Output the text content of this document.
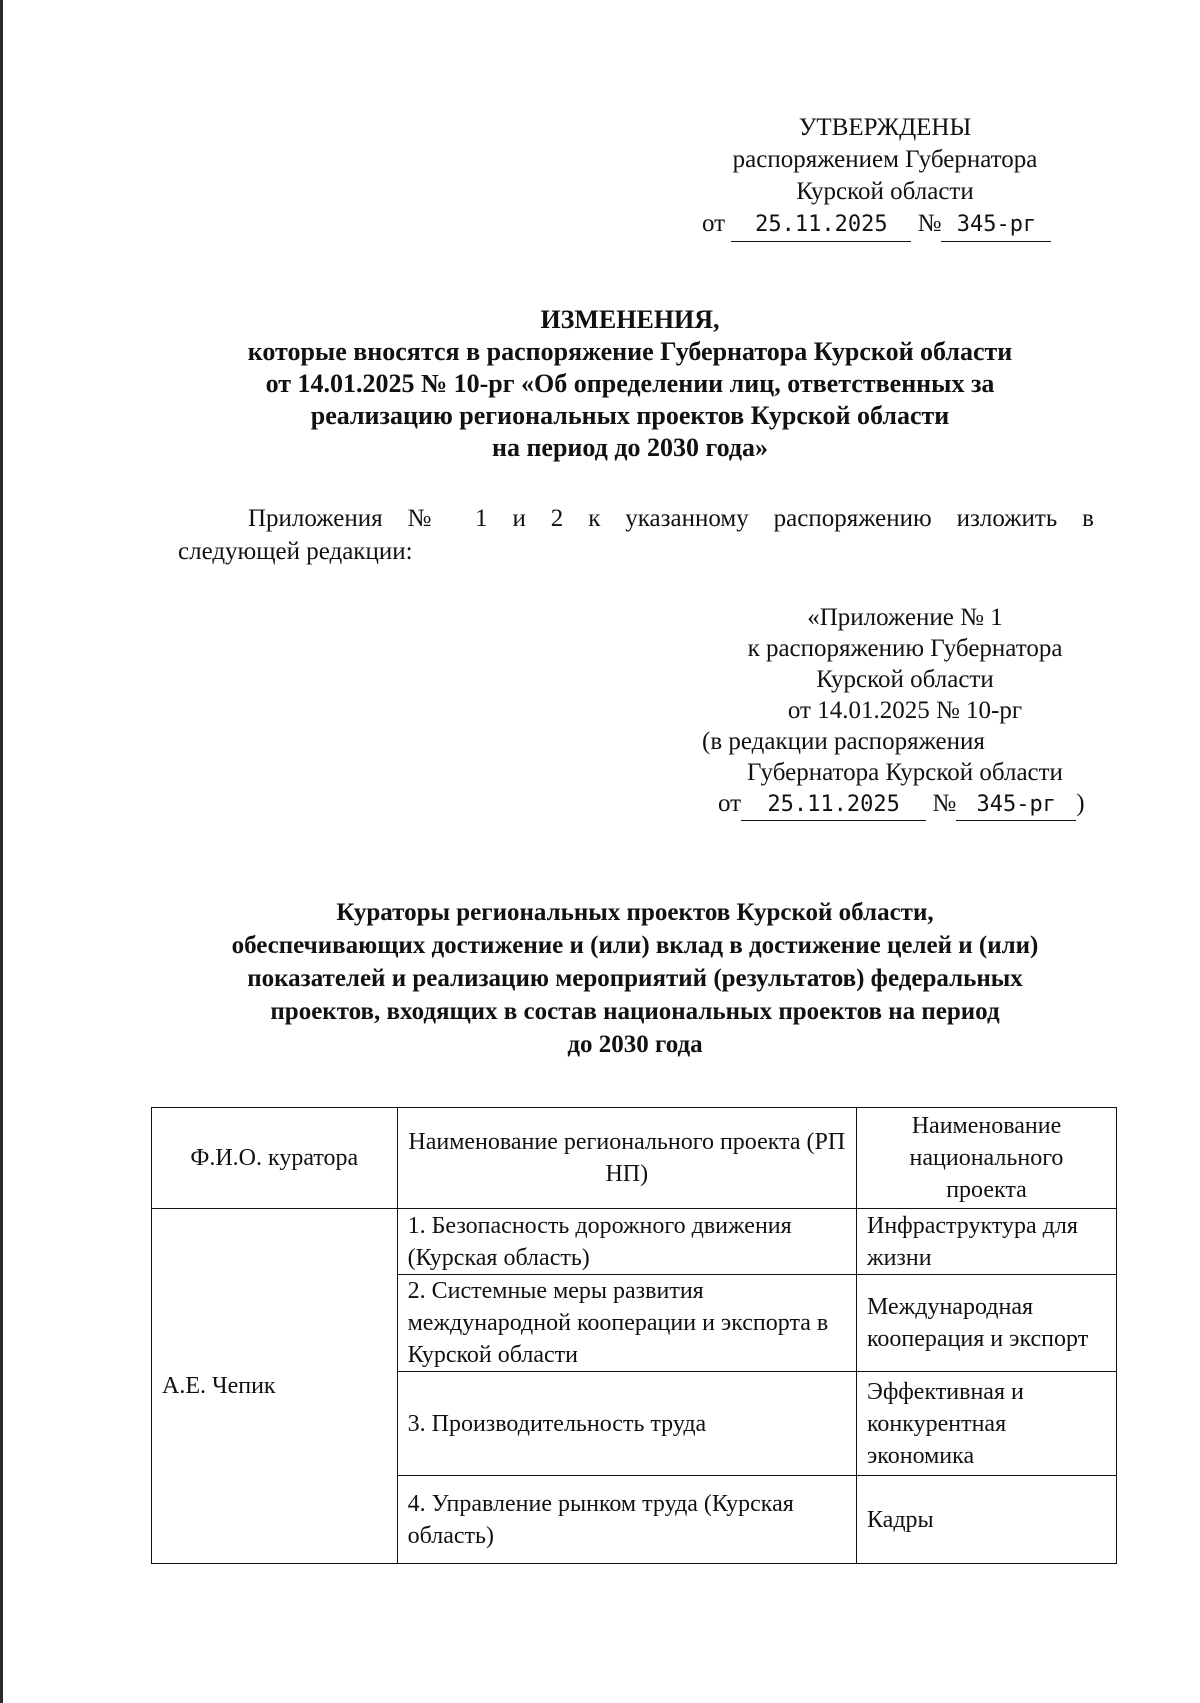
УТВЕРЖДЕНЫ
распоряжением Губернатора
Курской области
от 25.11.2025 № 345-рг
ИЗМЕНЕНИЯ,
которые вносятся в распоряжение Губернатора Курской области
от 14.01.2025 № 10-рг «Об определении лиц, ответственных за
реализацию региональных проектов Курской области
на период до 2030 года»

Приложения № 1 и 2 к указанному распоряжению изложить в

следующей редакции:

«Приложение № 1
к распоряжению Губернатора
Курской области
от 14.01.2025 № 10-рг
(в редакции распоряжения
Губернатора Курской области
от 25.11.2025 № 345-рг )
Кураторы региональных проектов Курской области,
обеспечивающих достижение и (или) вклад в достижение целей и (или)
показателей и реализацию мероприятий (результатов) федеральных
проектов, входящих в состав национальных проектов на период
до 2030 года
Ф.И.О. куратора	Наименование регионального проекта (РП НП)	Наименование национального проекта
А.Е. Чепик	1. Безопасность дорожного движения (Курская область)	Инфраструктура для жизни
	2. Системные меры развития международной кооперации и экспорта в Курской области	Международная кооперация и экспорт
	3. Производительность труда	Эффективная и конкурентная экономика
	4. Управление рынком труда (Курская область)	Кадры
